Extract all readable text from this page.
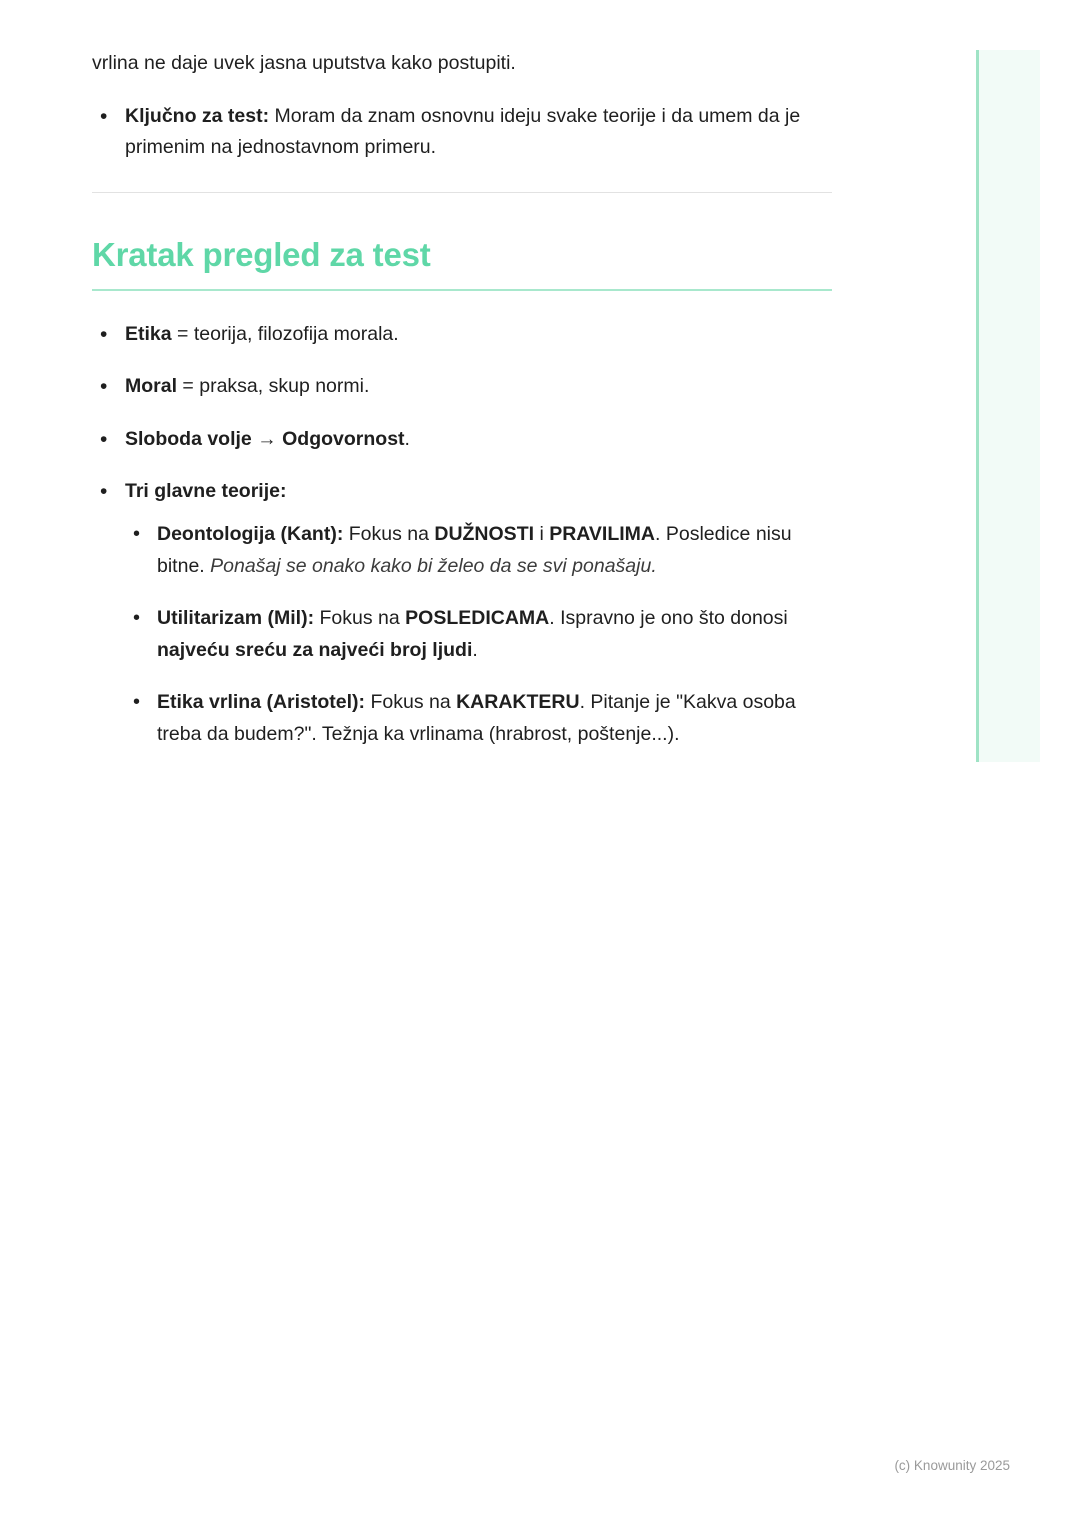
vrlina ne daje uvek jasna uputstva kako postupiti.

• Ključno za test: Moram da znam osnovnu ideju svake teorije i da umem da je primenim na jednostavnom primeru.
Kratak pregled za test
• Etika = teorija, filozofija morala.
• Moral = praksa, skup normi.
• Sloboda volje → Odgovornost.
• Tri glavne teorije:
• Deontologija (Kant): Fokus na DUŽNOSTI i PRAVILIMA. Posledice nisu bitne. Ponašaj se onako kako bi želeo da se svi ponašaju.
• Utilitarizam (Mil): Fokus na POSLEDICAMA. Ispravno je ono što donosi najveću sreću za najveći broj ljudi.
• Etika vrlina (Aristotel): Fokus na KARAKTERU. Pitanje je "Kakva osoba treba da budem?". Težnja ka vrlinama (hrabrost, poštenje...).
(c) Knowunity 2025
